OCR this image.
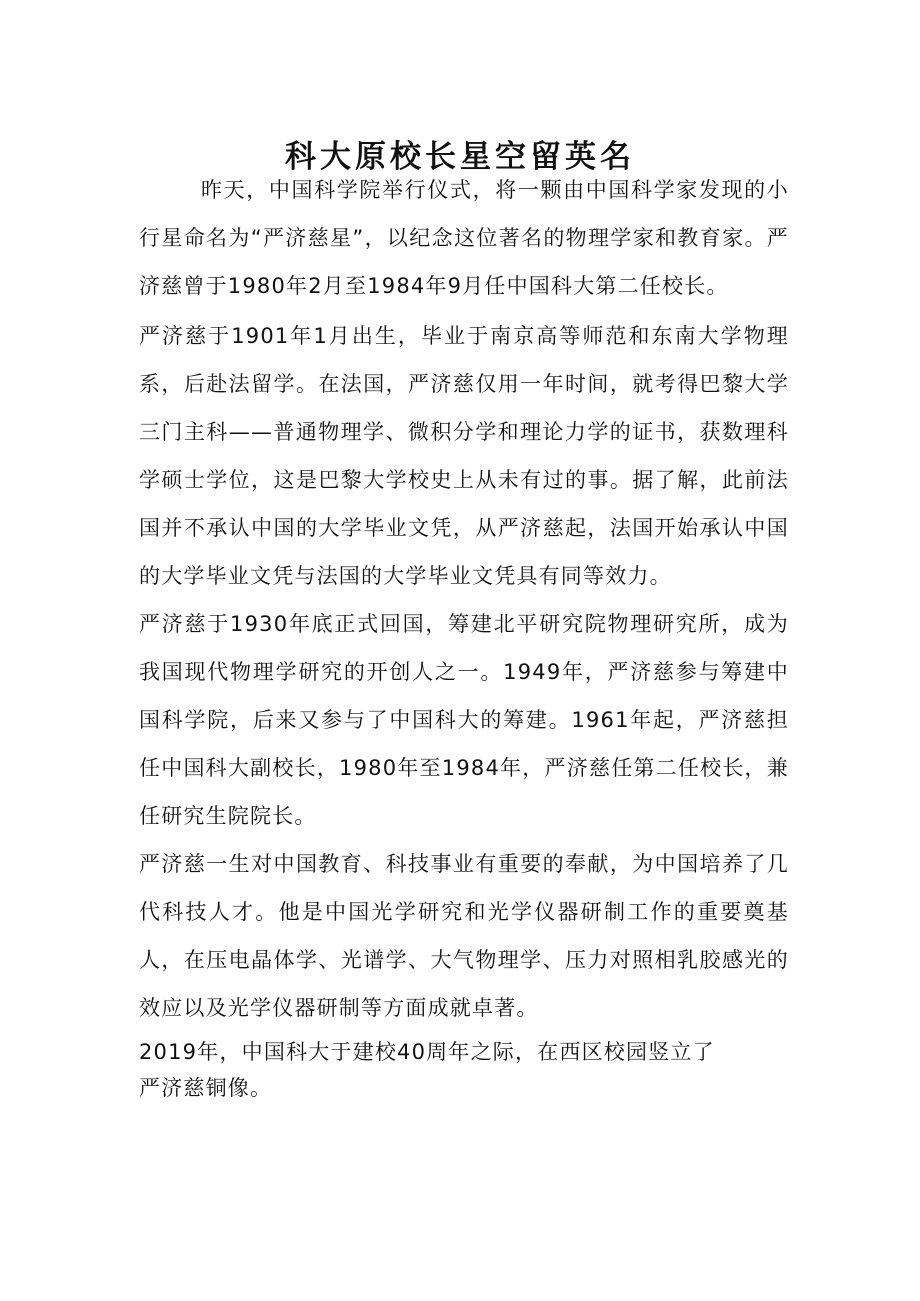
科大原校长星空留英名

昨天，中国科学院举行仪式，将一颗由中国科学家发现的小行星命名为“严济慈星”，以纪念这位著名的物理学家和教育家。严济慈曾于1980年2月至1984年9月任中国科大第二任校长。

严济慈于1901年1月出生，毕业于南京高等师范和东南大学物理系，后赴法留学。在法国，严济慈仅用一年时间，就考得巴黎大学三门主科——普通物理学、微积分学和理论力学的证书，获数理科学硕士学位，这是巴黎大学校史上从未有过的事。据了解，此前法国并不承认中国的大学毕业文凭，从严济慈起，法国开始承认中国的大学毕业文凭与法国的大学毕业文凭具有同等效力。

严济慈于1930年底正式回国，筹建北平研究院物理研究所，成为我国现代物理学研究的开创人之一。1949年，严济慈参与筹建中国科学院，后来又参与了中国科大的筹建。1961年起，严济慈担任中国科大副校长，1980年至1984年，严济慈任第二任校长，兼任研究生院院长。

严济慈一生对中国教育、科技事业有重要的奉献，为中国培养了几代科技人才。他是中国光学研究和光学仪器研制工作的重要奠基人，在压电晶体学、光谱学、大气物理学、压力对照相乳胶感光的效应以及光学仪器研制等方面成就卓著。

2019年，中国科大于建校40周年之际，在西区校园竖立了严济慈铜像。
